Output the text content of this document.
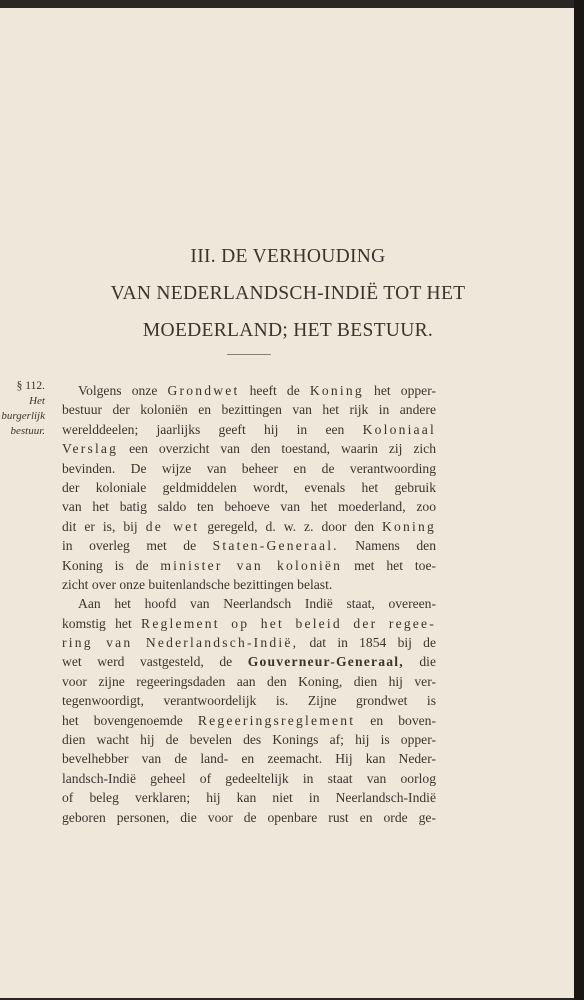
III. DE VERHOUDING
VAN NEDERLANDSCH-INDIË TOT HET
MOEDERLAND; HET BESTUUR.
§ 112.
Het
burgerlijk
bestuur.
Volgens onze Grondwet heeft de Koning het opper-
bestuur der koloniën en bezittingen van het rijk in andere
werelddeelen; jaarlijks geeft hij in een Koloniaal
Verslag een overzicht van den toestand, waarin zij zich
bevinden. De wijze van beheer en de verantwoording
der koloniale geldmiddelen wordt, evenals het gebruik
van het batig saldo ten behoeve van het moederland, zoo
dit er is, bij de wet geregeld, d. w. z. door den Koning
in overleg met de Staten-Generaal. Namens den
Koning is de minister van koloniën met het toe-
zicht over onze buitenlandsche bezittingen belast.
Aan het hoofd van Neerlandsch Indië staat, overeen-
komstig het Reglement op het beleid der regee-
ring van Nederlandsch-Indië, dat in 1854 bij de
wet werd vastgesteld, de Gouverneur-Generaal, die
voor zijne regeeringsdaden aan den Koning, dien hij ver-
tegenwoordigt, verantwoordelijk is. Zijne grondwet is
het bovengenoemde Regeeringsreglement en boven-
dien wacht hij de bevelen des Konings af; hij is opper-
bevelhebber van de land- en zeemacht. Hij kan Neder-
landsch-Indië geheel of gedeeltelijk in staat van oorlog
of beleg verklaren; hij kan niet in Neerlandsch-Indië
geboren personen, die voor de openbare rust en orde ge-
